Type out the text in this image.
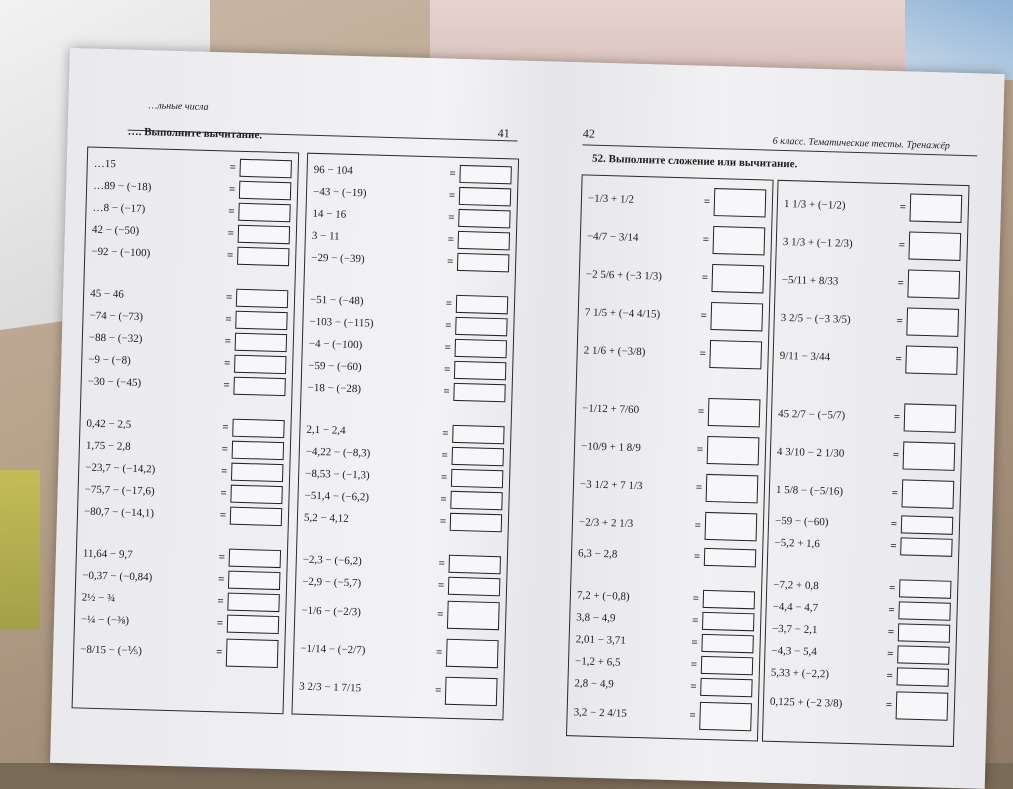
…льные числа
41
…. Выполните вычитание.
…15	=
…89 − (−18)	=
…8 − (−17)	=
42 − (−50)	=
−92 − (−100)	=
45 − 46	=
−74 − (−73)	=
−88 − (−32)	=
−9 − (−8)	=
−30 − (−45)	=
0,42 − 2,5	=
1,75 − 2,8	=
−23,7 − (−14,2)	=
−75,7 − (−17,6)	=
−80,7 − (−14,1)	=
11,64 − 9,7	=
−0,37 − (−0,84)	=
2½ − ¾	=
−¼ − (−⅜)	=
−8/15 − (−⅕)	=
96 − 104	=
−43 − (−19)	=
14 − 16	=
3 − 11	=
−29 − (−39)	=
−51 − (−48)	=
−103 − (−115)	=
−4 − (−100)	=
−59 − (−60)	=
−18 − (−28)	=
2,1 − 2,4	=
−4,22 − (−8,3)	=
−8,53 − (−1,3)	=
−51,4 − (−6,2)	=
5,2 − 4,12	=
−2,3 − (−6,2)	=
−2,9 − (−5,7)	=
−1/6 − (−2/3)	=
−1/14 − (−2/7)	=
3 2/3 − 1 7/15	=
42
6 класс. Тематические тесты. Тренажёр
52. Выполните сложение или вычитание.
−1/3 + 1/2	=
−4/7 − 3/14	=
−2 5/6 + (−3 1/3)	=
7 1/5 + (−4 4/15)	=
2 1/6 + (−3/8)	=
−1/12 + 7/60	=
−10/9 + 1 8/9	=
−3 1/2 + 7 1/3	=
−2/3 + 2 1/3	=
6,3 − 2,8	=
7,2 + (−0,8)	=
3,8 − 4,9	=
2,01 − 3,71	=
−1,2 + 6,5	=
2,8 − 4,9	=
3,2 − 2 4/15	=
1 1/3 + (−1/2)	=
3 1/3 + (−1 2/3)	=
−5/11 + 8/33	=
3 2/5 − (−3 3/5)	=
9/11 − 3/44	=
45 2/7 − (−5/7)	=
4 3/10 − 2 1/30	=
1 5/8 − (−5/16)	=
−59 − (−60)	=
−5,2 + 1,6	=
−7,2 + 0,8	=
−4,4 − 4,7	=
−3,7 − 2,1	=
−4,3 − 5,4	=
5,33 + (−2,2)	=
0,125 + (−2 3/8)	=
